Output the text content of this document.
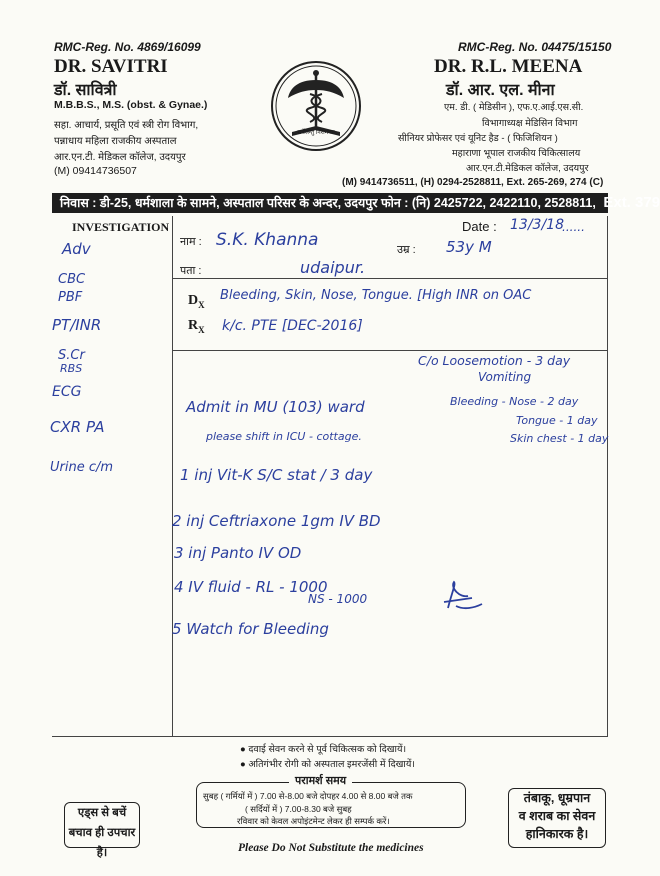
RMC-Reg. No. 4869/16099
DR. SAVITRI
डॉ. सावित्री
M.B.B.S., M.S. (obst. & Gynae.)
सहा. आचार्य, प्रसूति एवं स्त्री रोग विभाग,
पन्नाधाय महिला राजकीय अस्पताल
आर.एन.टी. मेडिकल कॉलेज, उदयपुर
(M) 09414736507
सर्वेसन्तु निरामयाः
RMC-Reg. No. 04475/15150
DR. R.L. MEENA
डॉ. आर. एल. मीना
एम. डी. ( मेडिसीन ), एफ.ए.आई.एस.सी.
विभागाध्यक्ष मेडिसिन विभाग
सीनियर प्रोफेसर एवं यूनिट हैड - ( फिजिशियन )
महाराणा भूपाल राजकीय चिकित्सालय
आर.एन.टी.मेडिकल कॉलेज, उदयपुर
(M) 9414736511, (H) 0294-2528811, Ext. 265-269, 274 (C)
निवास : डी-25, धर्मशाला के सामने, अस्पताल परिसर के अन्दर, उदयपुर फोन : (नि) 2425722, 2422110, 2528811, Ext. 379
INVESTIGATION
नाम :
उम्र :
पता :
Date :
$D_X$
$R_X$
13/3/18
......
S.K. Khanna	53y M
udaipur.
Adv
CBC
PBF
PT/INR
S.Cr
RBS
ECG
CXR PA
Urine c/m
Bleeding, Skin, Nose, Tongue. [High INR on OAC
k/c. PTE [DEC-2016]
C/o Loosemotion - 3 day
Vomiting
Bleeding - Nose - 2 day
Tongue - 1 day
Skin chest - 1 day
Admit in MU (103) ward
please shift in ICU - cottage.
1 inj Vit-K S/C stat / 3 day
2 inj Ceftriaxone 1gm IV BD
3 inj Panto IV OD
4 IV fluid - RL - 1000
NS - 1000
5 Watch for Bleeding
● दवाई सेवन करने से पूर्व चिकित्सक को दिखायें।
● अतिगंभीर रोगी को अस्पताल इमरजेंसी में दिखायें।
परामर्श समय
सुबह ( गर्मियों में ) 7.00 से-8.00 बजे दोपहर 4.00 से 8.00 बजे तक
( सर्दियों में ) 7.00-8.30 बजे सुबह
रविवार को केवल अपोइंटमेन्ट लेकर ही सम्पर्क करें।
एड्स से बचें
बचाव ही उपचार है।
तंबाकू, धूम्रपान
व शराब का सेवन
हानिकारक है।
Please Do Not Substitute the medicines
